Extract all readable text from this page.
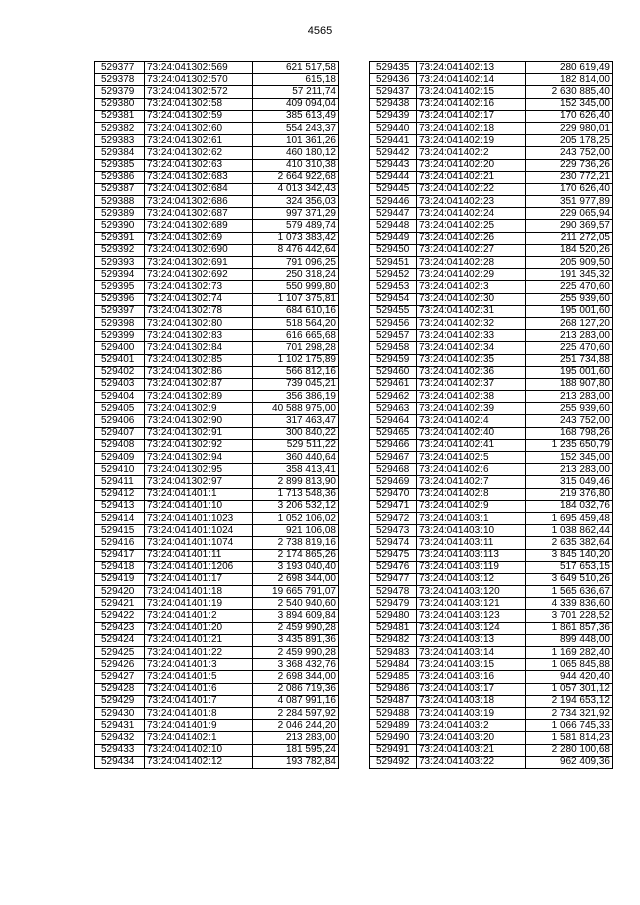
4565
529377	73:24:041302:569	621 517,58
529378	73:24:041302:570	615,18
529379	73:24:041302:572	57 211,74
529380	73:24:041302:58	409 094,04
529381	73:24:041302:59	385 613,49
529382	73:24:041302:60	554 243,37
529383	73:24:041302:61	101 361,26
529384	73:24:041302:62	460 180,12
529385	73:24:041302:63	410 310,38
529386	73:24:041302:683	2 664 922,68
529387	73:24:041302:684	4 013 342,43
529388	73:24:041302:686	324 356,03
529389	73:24:041302:687	997 371,29
529390	73:24:041302:689	579 489,74
529391	73:24:041302:69	1 073 383,42
529392	73:24:041302:690	8 476 442,64
529393	73:24:041302:691	791 096,25
529394	73:24:041302:692	250 318,24
529395	73:24:041302:73	550 999,80
529396	73:24:041302:74	1 107 375,81
529397	73:24:041302:78	684 610,16
529398	73:24:041302:80	518 564,20
529399	73:24:041302:83	616 665,68
529400	73:24:041302:84	701 298,28
529401	73:24:041302:85	1 102 175,89
529402	73:24:041302:86	566 812,16
529403	73:24:041302:87	739 045,21
529404	73:24:041302:89	356 386,19
529405	73:24:041302:9	40 588 975,00
529406	73:24:041302:90	317 463,47
529407	73:24:041302:91	300 840,22
529408	73:24:041302:92	529 511,22
529409	73:24:041302:94	360 440,64
529410	73:24:041302:95	358 413,41
529411	73:24:041302:97	2 899 813,90
529412	73:24:041401:1	1 713 548,36
529413	73:24:041401:10	3 206 532,12
529414	73:24:041401:1023	1 052 106,02
529415	73:24:041401:1024	921 106,08
529416	73:24:041401:1074	2 738 819,16
529417	73:24:041401:11	2 174 865,26
529418	73:24:041401:1206	3 193 040,40
529419	73:24:041401:17	2 698 344,00
529420	73:24:041401:18	19 665 791,07
529421	73:24:041401:19	2 540 940,60
529422	73:24:041401:2	3 894 609,84
529423	73:24:041401:20	2 459 990,28
529424	73:24:041401:21	3 435 891,36
529425	73:24:041401:22	2 459 990,28
529426	73:24:041401:3	3 368 432,76
529427	73:24:041401:5	2 698 344,00
529428	73:24:041401:6	2 086 719,36
529429	73:24:041401:7	4 087 991,16
529430	73:24:041401:8	2 284 597,92
529431	73:24:041401:9	2 046 244,20
529432	73:24:041402:1	213 283,00
529433	73:24:041402:10	181 595,24
529434	73:24:041402:12	193 782,84
529435	73:24:041402:13	280 619,49
529436	73:24:041402:14	182 814,00
529437	73:24:041402:15	2 630 885,40
529438	73:24:041402:16	152 345,00
529439	73:24:041402:17	170 626,40
529440	73:24:041402:18	229 980,01
529441	73:24:041402:19	205 178,25
529442	73:24:041402:2	243 752,00
529443	73:24:041402:20	229 736,26
529444	73:24:041402:21	230 772,21
529445	73:24:041402:22	170 626,40
529446	73:24:041402:23	351 977,89
529447	73:24:041402:24	229 065,94
529448	73:24:041402:25	290 369,57
529449	73:24:041402:26	211 272,05
529450	73:24:041402:27	184 520,26
529451	73:24:041402:28	205 909,50
529452	73:24:041402:29	191 345,32
529453	73:24:041402:3	225 470,60
529454	73:24:041402:30	255 939,60
529455	73:24:041402:31	195 001,60
529456	73:24:041402:32	268 127,20
529457	73:24:041402:33	213 283,00
529458	73:24:041402:34	225 470,60
529459	73:24:041402:35	251 734,88
529460	73:24:041402:36	195 001,60
529461	73:24:041402:37	188 907,80
529462	73:24:041402:38	213 283,00
529463	73:24:041402:39	255 939,60
529464	73:24:041402:4	243 752,00
529465	73:24:041402:40	168 798,26
529466	73:24:041402:41	1 235 650,79
529467	73:24:041402:5	152 345,00
529468	73:24:041402:6	213 283,00
529469	73:24:041402:7	315 049,46
529470	73:24:041402:8	219 376,80
529471	73:24:041402:9	184 032,76
529472	73:24:041403:1	1 695 459,48
529473	73:24:041403:10	1 038 862,44
529474	73:24:041403:11	2 635 382,64
529475	73:24:041403:113	3 845 140,20
529476	73:24:041403:119	517 653,15
529477	73:24:041403:12	3 649 510,26
529478	73:24:041403:120	1 565 636,67
529479	73:24:041403:121	4 339 836,60
529480	73:24:041403:123	3 701 228,52
529481	73:24:041403:124	1 861 857,36
529482	73:24:041403:13	899 448,00
529483	73:24:041403:14	1 169 282,40
529484	73:24:041403:15	1 065 845,88
529485	73:24:041403:16	944 420,40
529486	73:24:041403:17	1 057 301,12
529487	73:24:041403:18	2 194 653,12
529488	73:24:041403:19	2 734 321,92
529489	73:24:041403:2	1 066 745,33
529490	73:24:041403:20	1 581 814,23
529491	73:24:041403:21	2 280 100,68
529492	73:24:041403:22	962 409,36
